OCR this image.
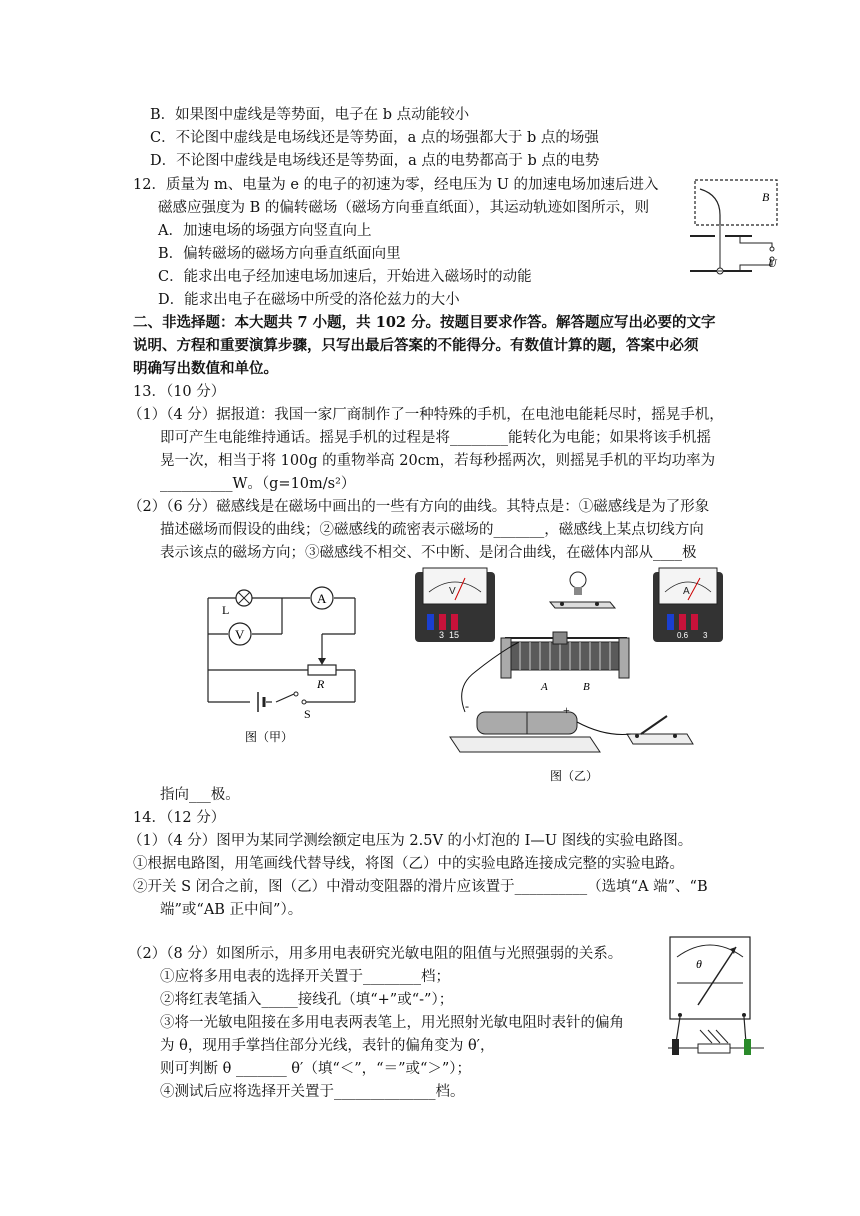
B．如果图中虚线是等势面，电子在 b 点动能较小
C．不论图中虚线是电场线还是等势面，a 点的场强都大于 b 点的场强
D．不论图中虚线是电场线还是等势面，a 点的电势都高于 b 点的电势
12．质量为 m、电量为 e 的电子的初速为零，经电压为 U 的加速电场加速后进入
磁感应强度为 B 的偏转磁场（磁场方向垂直纸面），其运动轨迹如图所示，则
A．加速电场的场强方向竖直向上
B．偏转磁场的磁场方向垂直纸面向里
C．能求出电子经加速电场加速后，开始进入磁场时的动能
D．能求出电子在磁场中所受的洛伦兹力的大小
二、非选择题：本大题共 7 小题，共 102 分。按题目要求作答。解答题应写出必要的文字
说明、方程和重要演算步骤，只写出最后答案的不能得分。有数值计算的题，答案中必须
明确写出数值和单位。
13．（10 分）
（1）（4 分）据报道：我国一家厂商制作了一种特殊的手机，在电池电能耗尽时，摇晃手机，
即可产生电能维持通话。摇晃手机的过程是将________能转化为电能；如果将该手机摇
晃一次，相当于将 100g 的重物举高 20cm，若每秒摇两次，则摇晃手机的平均功率为
__________W。（g=10m/s²）
（2）（6 分）磁感线是在磁场中画出的一些有方向的曲线。其特点是：①磁感线是为了形象
描述磁场而假设的曲线；②磁感线的疏密表示磁场的_______，磁感线上某点切线方向
表示该点的磁场方向；③磁感线不相交、不中断、是闭合曲线，在磁体内部从____极
指向___极。
14．（12 分）
（1）（4 分）图甲为某同学测绘额定电压为 2.5V 的小灯泡的 I—U 图线的实验电路图。
①根据电路图，用笔画线代替导线，将图（乙）中的实验电路连接成完整的实验电路。
②开关 S 闭合之前，图（乙）中滑动变阻器的滑片应该置于__________（选填“A 端”、“B
端”或“AB 正中间”）。
（2）（8 分）如图所示，用多用电表研究光敏电阻的阻值与光照强弱的关系。
①应将多用电表的选择开关置于________档；
②将红表笔插入_____接线孔（填“+”或“-”）；
③将一光敏电阻接在多用电表两表笔上，用光照射光敏电阻时表针的偏角
为 θ，现用手掌挡住部分光线，表针的偏角变为 θ′，
则可判断 θ _______ θ′（填“＜”，“＝”或“＞”）；
④测试后应将选择开关置于______________档。
B
U
L
A
V
R
S
图（甲）
V
3 15
A
0.6 3
A	B
-	+
图（乙）
θ
